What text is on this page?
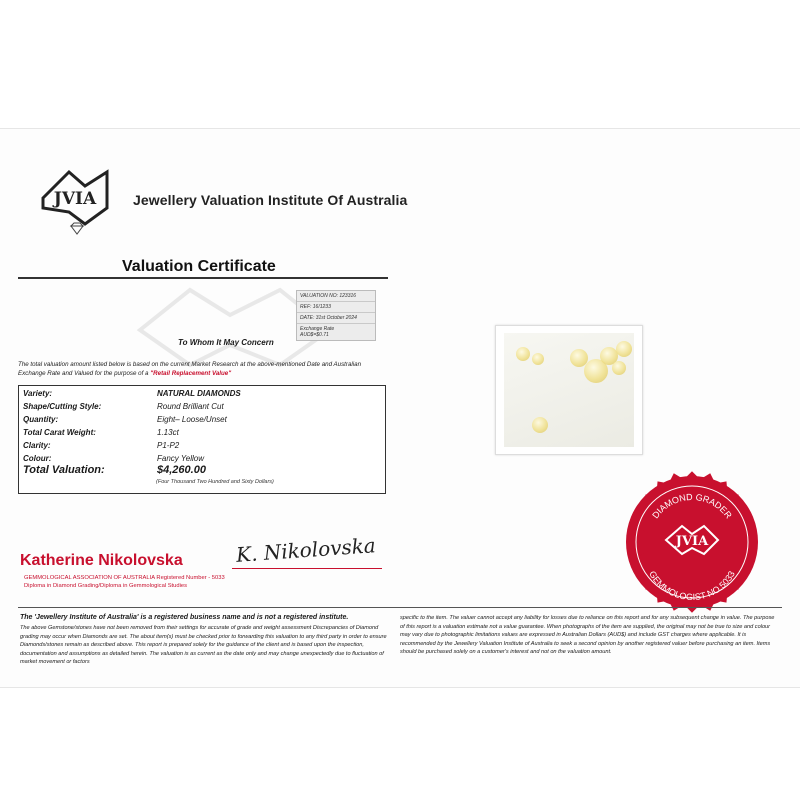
JVIA	Jewellery Valuation Institute Of Australia
Valuation Certificate
VALUATION NO: 123316
REF: 16/1233
DATE: 31st October 2024
Exchange Rate
AUD$=$0.71
To Whom It May Concern
The total valuation amount listed below is based on the current Market Research at the above-mentioned Date and Australian Exchange Rate and Valued for the purpose of a "Retail Replacement Value"
Variety:	NATURAL DIAMONDS
Shape/Cutting Style:	Round Brilliant Cut
Quantity:	Eight– Loose/Unset
Total Carat Weight:	1.13ct
Clarity:	P1-P2
Colour:	Fancy Yellow
Total Valuation:	$4,260.00
(Four Thousand Two Hundred and Sixty Dollars)
DIAMOND GRADER
GEMMOLOGIST NO.5033
JVIA
Katherine Nikolovska	K. Nikolovska
GEMMOLOGICAL ASSOCIATION OF AUSTRALIA Registered Number - 5033
Diploma in Diamond Grading/Diploma in Gemmological Studies
The 'Jewellery Institute of Australia' is a registered business name and is not a registered institute.
The above Gemstone/stones have not been removed from their settings for accurate of grade and weight assessment Discrepancies of Diamond grading may occur when Diamonds are set. The about item(s) must be checked prior to forwarding this valuation to any third party in order to ensure Diamonds/stones remain as described above. This report is prepared solely for the guidance of the client and is based upon the inspection, documentation and assumptions as detailed herein. The valuation is as current as the date only and may change unexpectedly due to fluctuation of market movement or factors
specific to the item. The valuer cannot accept any liability for losses due to reliance on this report and for any subsequent change in value. The purpose of this report is a valuation estimate not a value guarantee. When photographs of the item are supplied, the original may not be true to size and colour may vary due to photographic limitations values are expressed in Australian Dollars (AUD$) and include GST charges where applicable. It is recommended by the Jewellery Valuation Institute of Australia to seek a second opinion by another registered valuer before purchasing an item. Items should be purchased solely on a customer's interest and not on the valuation amount.
